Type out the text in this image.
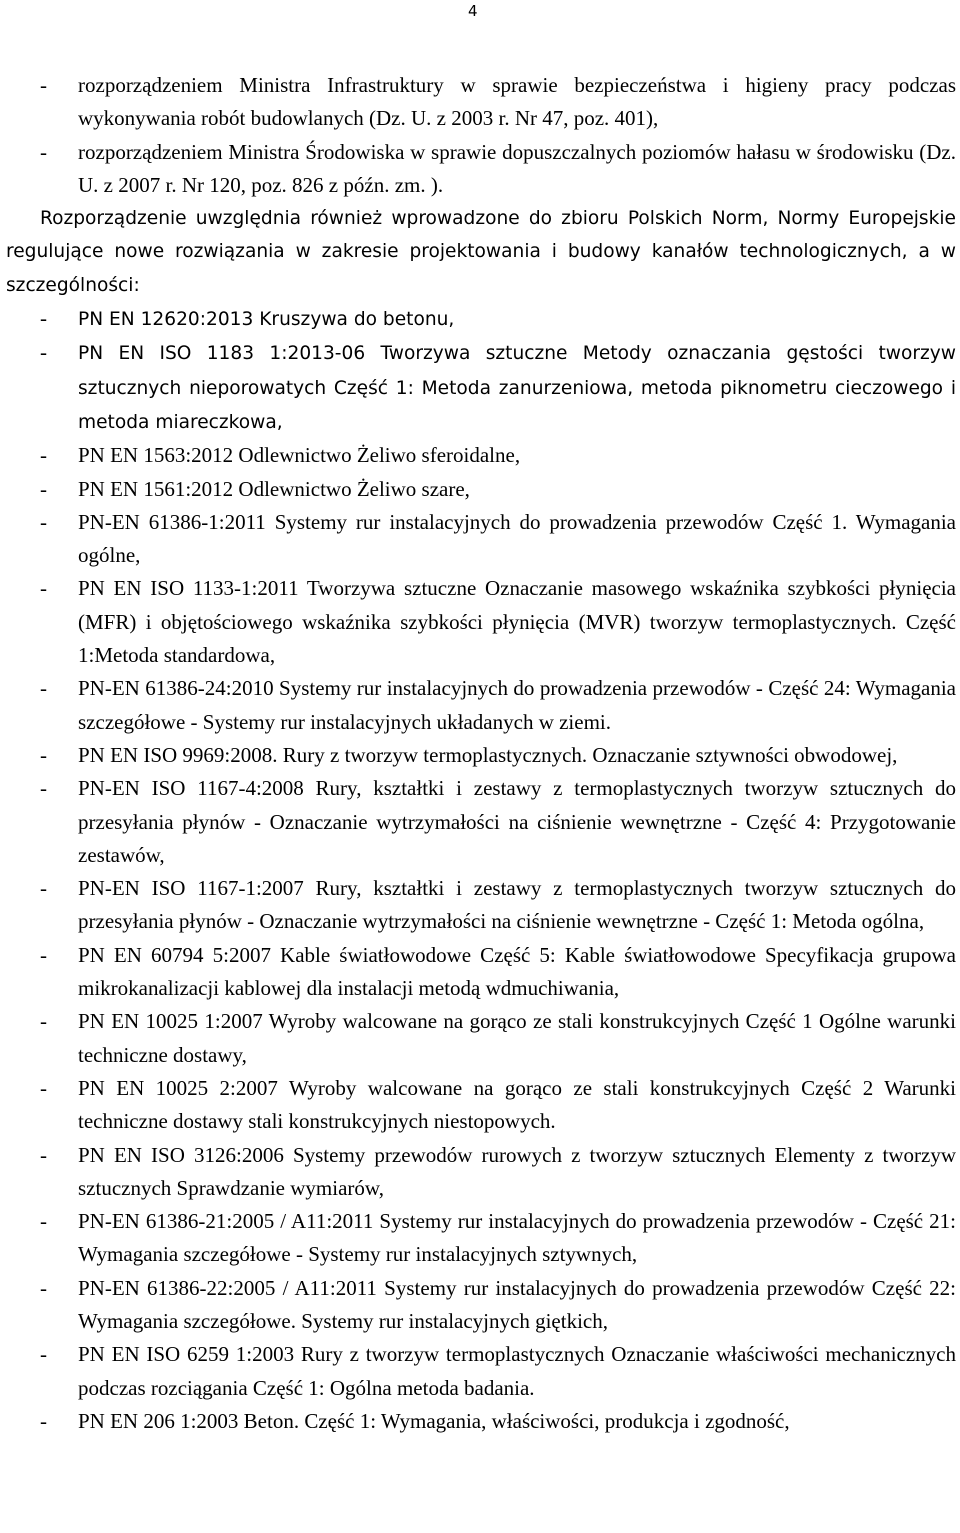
4
- rozporządzeniem Ministra Infrastruktury w sprawie bezpieczeństwa i higieny pracy podczas wykonywania robót budowlanych (Dz. U. z 2003 r. Nr 47, poz. 401),
- rozporządzeniem Ministra Środowiska w sprawie dopuszczalnych poziomów hałasu w środowisku (Dz. U. z 2007 r. Nr 120, poz. 826 z późn. zm. ).

Rozporządzenie uwzględnia również wprowadzone do zbioru Polskich Norm, Normy Europejskie regulujące nowe rozwiązania w zakresie projektowania i budowy kanałów technologicznych, a w szczególności:

- PN EN 12620:2013 Kruszywa do betonu,
- PN EN ISO 1183 1:2013-06 Tworzywa sztuczne Metody oznaczania gęstości tworzyw sztucznych nieporowatych Część 1: Metoda zanurzeniowa, metoda piknometru cieczowego i metoda miareczkowa,
- PN EN 1563:2012 Odlewnictwo Żeliwo sferoidalne,
- PN EN 1561:2012 Odlewnictwo Żeliwo szare,
- PN-EN 61386-1:2011 Systemy rur instalacyjnych do prowadzenia przewodów Część 1. Wymagania ogólne,
- PN EN ISO 1133-1:2011 Tworzywa sztuczne Oznaczanie masowego wskaźnika szybkości płynięcia (MFR) i objętościowego wskaźnika szybkości płynięcia (MVR) tworzyw termoplastycznych. Część 1:Metoda standardowa,
- PN-EN 61386-24:2010 Systemy rur instalacyjnych do prowadzenia przewodów - Część 24: Wymagania szczegółowe - Systemy rur instalacyjnych układanych w ziemi.
- PN EN ISO 9969:2008. Rury z tworzyw termoplastycznych. Oznaczanie sztywności obwodowej,
- PN-EN ISO 1167-4:2008 Rury, kształtki i zestawy z termoplastycznych tworzyw sztucznych do przesyłania płynów - Oznaczanie wytrzymałości na ciśnienie wewnętrzne - Część 4: Przygotowanie zestawów,
- PN-EN ISO 1167-1:2007 Rury, kształtki i zestawy z termoplastycznych tworzyw sztucznych do przesyłania płynów - Oznaczanie wytrzymałości na ciśnienie wewnętrzne - Część 1: Metoda ogólna,
- PN EN 60794 5:2007 Kable światłowodowe Część 5: Kable światłowodowe Specyfikacja grupowa mikrokanalizacji kablowej dla instalacji metodą wdmuchiwania,
- PN EN 10025 1:2007 Wyroby walcowane na gorąco ze stali konstrukcyjnych Część 1 Ogólne warunki techniczne dostawy,
- PN EN 10025 2:2007 Wyroby walcowane na gorąco ze stali konstrukcyjnych Część 2 Warunki techniczne dostawy stali konstrukcyjnych niestopowych.
- PN EN ISO 3126:2006 Systemy przewodów rurowych z tworzyw sztucznych Elementy z tworzyw sztucznych Sprawdzanie wymiarów,
- PN-EN 61386-21:2005 / A11:2011 Systemy rur instalacyjnych do prowadzenia przewodów - Część 21: Wymagania szczegółowe - Systemy rur instalacyjnych sztywnych,
- PN-EN 61386-22:2005 / A11:2011 Systemy rur instalacyjnych do prowadzenia przewodów Część 22: Wymagania szczegółowe. Systemy rur instalacyjnych giętkich,
- PN EN ISO 6259 1:2003 Rury z tworzyw termoplastycznych Oznaczanie właściwości mechanicznych podczas rozciągania Część 1: Ogólna metoda badania.
- PN EN 206 1:2003 Beton. Część 1: Wymagania, właściwości, produkcja i zgodność,
